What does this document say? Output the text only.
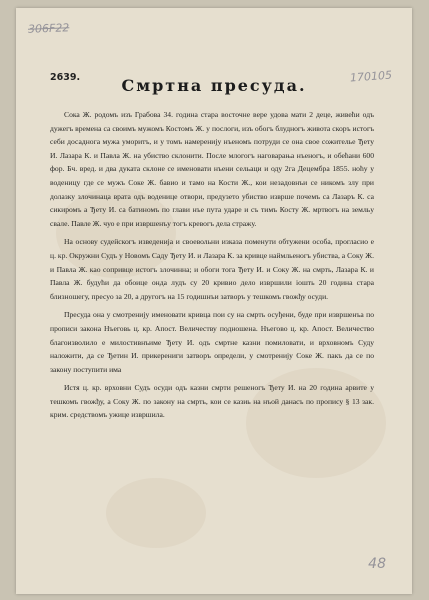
306F22
170105
48
2639.	Смртна пресуда.

Сока Ж. родомъ изъ Грабова 34. година стара восточне вере удова мати 2 деце, живећи одъ дужегъ времена са своимъ мужомъ Костомъ Ж. у послоги, изъ обогъ блудногъ живота скоръ истогъ себи досаднога мужа уморитъ, и у томъ намеренију нъеномъ потруди се она свое сожителье Ђету И. Лазара К. и Павла Ж. на убиство склонити. После млогогъ наговарања нъеногъ, и обећани 600 фор. Бч. вред. и два дуката склоне се именовати нъени сельаци и оду 2га Децембра 1855. ноћу у воденицу где се мужъ Соке Ж. бавио и тамо на Кости Ж., кои незадовнъи се никомъ злу при долазку злочинаца врата одъ воденице отвори, предузето убиство изврше почемъ са Лазаръ К. са сикиромъ а Ђету И. са батиномъ по глави нъе пута ударе и съ тимъ Косту Ж. мртвогъ на земльу свале. Павле Ж. чуо е при извршенъу тогъ кревогъ дела стражу.

На основу судейскогъ изведенија и своевольни изказа поменути обтужени особа, прогласио е ц. кр. Окружни Судъ у Новомъ Саду Ђету И. и Лазара К. за кривце наймльеногъ убиства, а Соку Ж. и Павла Ж. као сопривце истогъ злочинна; и обоги тога Ђету И. и Соку Ж. на смрть, Лазара К. и Павла Ж. будући да обоице онда лудъ су 20 кривио дело извршили іошть 20 година стара близношегу, пресуо за 20, а другогъ на 15 годишнъи затворъ у тешкомъ гвожђу осуди.

Пресуда она у смотренију именовати кривца пои су на смрть осуђени, буде при извршенъа по прописи закона Нъеговь ц. кр. Апост. Величеству подношена. Нъегово ц. кр. Апост. Величество благоизволило е милостивнъиме Ђету И. одъ смртне казни помиловати, и врховномъ Суду наложити, да се Ђетин И. прикерениги затворъ определи, у смотренију Соке Ж. пакъ да се по закону поступити има

Истя ц. кр. врховни Судъ осуди одъ казни смрти решеногъ Ђету И. на 20 година арвите у тешкомъ гвожђу, а Соку Ж. по закону на смрть, кои се казиь на нъой данасъ по пропису § 13 зак. крим. средствомъ ужице извршила.
